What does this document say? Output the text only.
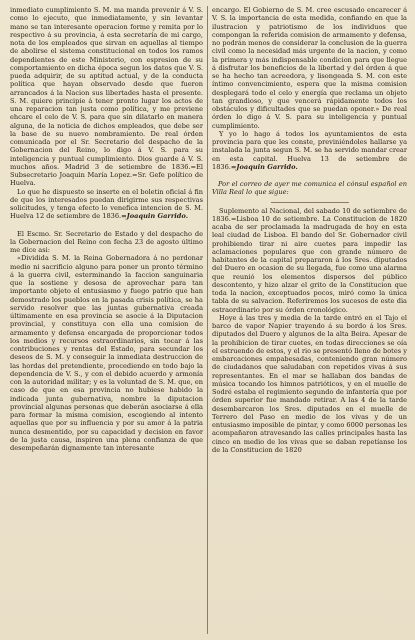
inmediato cumplimiento S. M. ma manda prevenir á V. S. como lo ejecuto, que inmediatamente, y sin levantar mano se tan interesante operacion forme y remita por lo respectivo á su provincia, á esta secretaría de mi cargo, nota de los empleados que sirvan en aquellas al tiempo de abolirse el sistema constitucional en todos los ramos dependientes de este Ministerio, con espresion de su comportamiento en dicha época segun los datos que V. S. pueda adquirir, de su aptitud actual, y de la conducta política que hayan observado desde que fueron arrancados á la Nacion sus libertades hasta el presente. S. M. quiere principie á tener pronto lugar los actos de una reparacion tan justa como política, y me previene ehcare el celo de V. S. para que sin dilatarlo en manera alguna, de la noticia de dichos empleados, que debe ser la base de su nuevo nombramiento. De real órden comunicada por el Sr. Secretario del despacho de la Gobernacion del Reino, lo digo á V. S. para su inteligencia y puntual cumplimiento. Dios guarde á V. S. muchos años. Madrid 3 de setiembre de 1836.=El Subsecretario Joaquin María Lopez.=Sr. Gefe político de Huelva.

Lo que he dispuesto se inserte en el boletin oficial á fin de que los interesados puedan dirigirme sus respectivas solicitudes, y tenga efecto lo venefica intencion de S. M. Huelva 12 de setiembre de 1836.=Joaquin Garrido.

El Escmo. Sr. Secretario de Estado y del despacho de la Gobernacion del Reino con fecha 23 de agosto último me dice asi:

«Dividida S. M. la Reina Gobernadora á no perdonar medio ni sacrificio alguno para poner un pronto término á la guerra civil, esterminando la faccion sanguinaria que la sostiene y desosa de aprovechar para tan importante objeto el entusiasmo y fuego patrio que han demostrado los pueblos en la pasada crisis política, se ha servido resolver que las juntas gubernativa creada últimamente en esa provincia se asocie á la Diputacion provincial, y constituya con ella una comision de armamento y defensa encargada de proporcionar todos los medios y recursos estraordinarios, sin tocar á las contribuciones y rentas del Estado, para secundar los deseos de S. M. y conseguir la inmediata destruccion de las hordas del pretendiente, procediendo en todo bajo la dependencia de V. S., y con el debido acuerdo y armonía con la autoridad militar; y es la voluntad de S. M. que, en caso de que en esa provincia no hubiese habido la indicada junta gubernativa, nombre la diputacion provincial algunas personas que deberán asociarse á ella para formar la misma comision, escogiendo al intento aquellas que por su influencia y por su amor á la patria nunca desmentido, por su capacidad y decision en favor de la justa causa, inspiren una plena confianza de que desempeñarán dignamente tan interesante

encargo. El Gobierno de S. M. cree escusado encarecer á V. S. la importancia de esta medida, confiando en que la ilustracion y patriotismo de los individuos que compongan la referida comision de armamento y defensa, no podrán menos de considerar la conclusion de la guerra civil como la necesidad más urgente de la nacion, y como la primera y más indispensable condicion para que llegue á disfrutar los beneficios de la libertad y del órden á que se ha hecho tan acreedora, y lisongeada S. M. con este íntimo convencimiento, espera que la misma comision desplegará todo el celo y energía que reclama un objeto tan grandioso, y que vencerá rápidamente todos los obstáculos y dificultades que se puedan oponer.» De real órden lo digo á V. S. para su inteligencia y puntual cumplimiento.

Y yo lo hago á todos los ayuntamientos de esta provincia para que les conste, previniéndoles hallarse ya instalada la junta segun S. M. se ha servido mandar crear en esta capital. Huelva 13 de setiembre de 1836.=Joaquin Garrido.

Por el correo de ayer me comunica el cónsul español en Villa Real lo que sigue:

Suplemento al Nacional, del sabado 10 de setiembre de 1836.=Lisboa 10 de setiembre. La Constitucion de 1820 acaba de ser proclamada la madrugada de hoy en esta leal ciudad de Lisboa. El bando del Sr. Gobernador civil prohibiendo tirar ni aire cuetes para impedir las aclamaciones populares que con grande número de habitantes de la capital prepararon á los Sres. diputados del Duero en ocasion de su llegada, fue como una alarma que reunió los elementos dispersos del público descontento, y hizo alzar el grito de la Constitucion que toda la nacion, exceptuados pocos, miró como la única tabla de su salvacion. Referiremos los sucesos de este dia estraordinario por su órden cronológico.

Hoye á las tres y media de la tarde entró en el Tajo el barco de vapor Napier trayendo á su bordo á los Sres. diputados del Duero y algunos de la alta Beira. Apesar de la prohibicion de tirar cuetes, en todas direcciones se oía el estruendo de estos, y el rio se presentó lleno de botes y embarcaciones empabesadas, conteniendo gran número de ciudadanos que saludaban con repetidos vivas á sus representantes. En el mar se hallaban dos bandas de música tocando los himnos patrióticos, y en el muelle de Sodré estaba el regimiento segundo de infantería que por órden superior fue mandado retirar. A las 4 de la tarde desembarcaron los Sres. diputados en el muelle de Terrero del Paso en medio de los vivas y de un entusiasmo imposible de pintar, y como 6000 personas les acompañaron atravesando las calles principales hasta las cinco en medio de los vivas que se daban repetíanse los de la Constitucion de 1820
